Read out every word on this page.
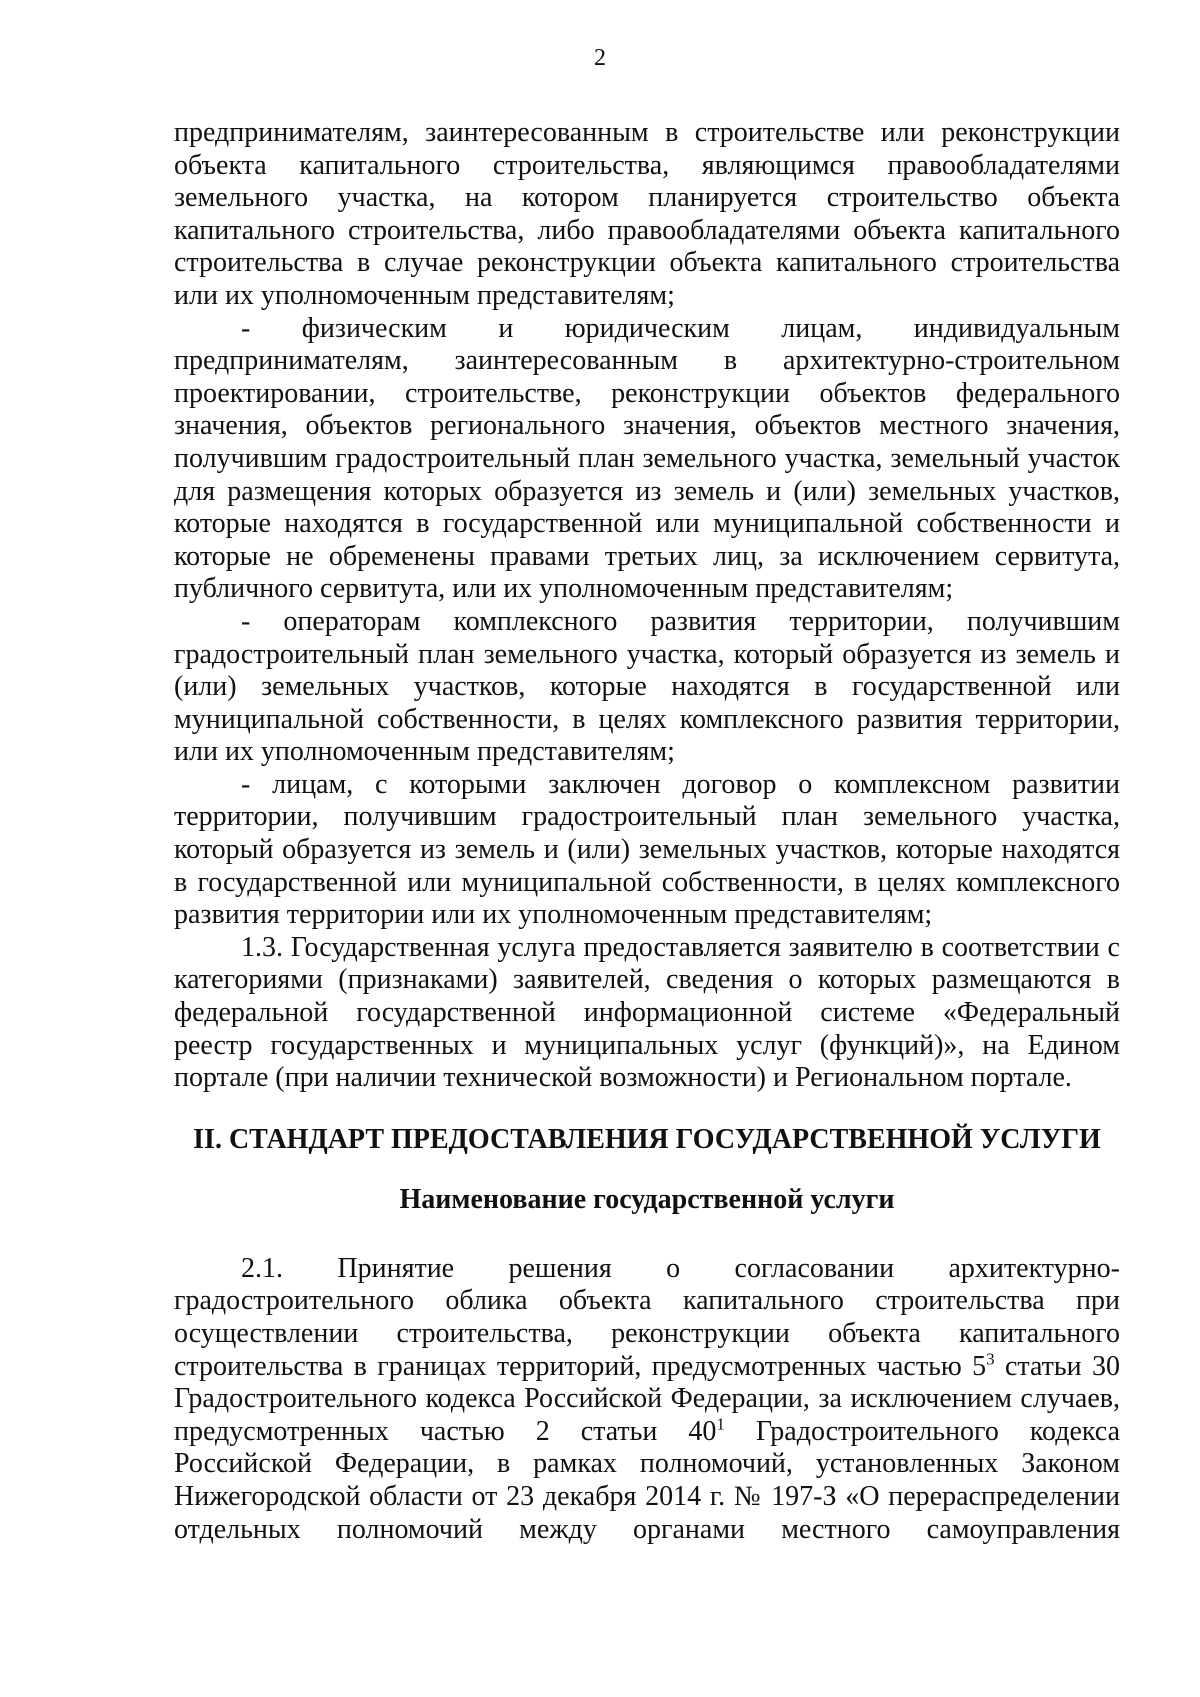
2

предпринимателям, заинтересованным в строительстве или реконструкции объекта капитального строительства, являющимся правообладателями земельного участка, на котором планируется строительство объекта капитального строительства, либо правообладателями объекта капитального строительства в случае реконструкции объекта капитального строительства или их уполномоченным представителям;

- физическим и юридическим лицам, индивидуальным предпринимателям, заинтересованным в архитектурно-строительном проектировании, строительстве, реконструкции объектов федерального значения, объектов регионального значения, объектов местного значения, получившим градостроительный план земельного участка, земельный участок для размещения которых образуется из земель и (или) земельных участков, которые находятся в государственной или муниципальной собственности и которые не обременены правами третьих лиц, за исключением сервитута, публичного сервитута, или их уполномоченным представителям;

- операторам комплексного развития территории, получившим градостроительный план земельного участка, который образуется из земель и (или) земельных участков, которые находятся в государственной или муниципальной собственности, в целях комплексного развития территории, или их уполномоченным представителям;

- лицам, с которыми заключен договор о комплексном развитии территории, получившим градостроительный план земельного участка, который образуется из земель и (или) земельных участков, которые находятся в государственной или муниципальной собственности, в целях комплексного развития территории или их уполномоченным представителям;

1.3. Государственная услуга предоставляется заявителю в соответствии с категориями (признаками) заявителей, сведения о которых размещаются в федеральной государственной информационной системе «Федеральный реестр государственных и муниципальных услуг (функций)», на Едином портале (при наличии технической возможности) и Региональном портале.

II. СТАНДАРТ ПРЕДОСТАВЛЕНИЯ ГОСУДАРСТВЕННОЙ УСЛУГИ
Наименование государственной услуги

2.1. Принятие решения о согласовании архитектурно-градостроительного облика объекта капитального строительства при осуществлении строительства, реконструкции объекта капитального строительства в границах территорий, предусмотренных частью $5^3$ статьи 30 Градостроительного кодекса Российской Федерации, за исключением случаев, предусмотренных частью 2 статьи $40^1$ Градостроительного кодекса Российской Федерации, в рамках полномочий, установленных Законом Нижегородской области от 23 декабря 2014 г. № 197-З «О перераспределении отдельных полномочий между органами местного самоуправления
